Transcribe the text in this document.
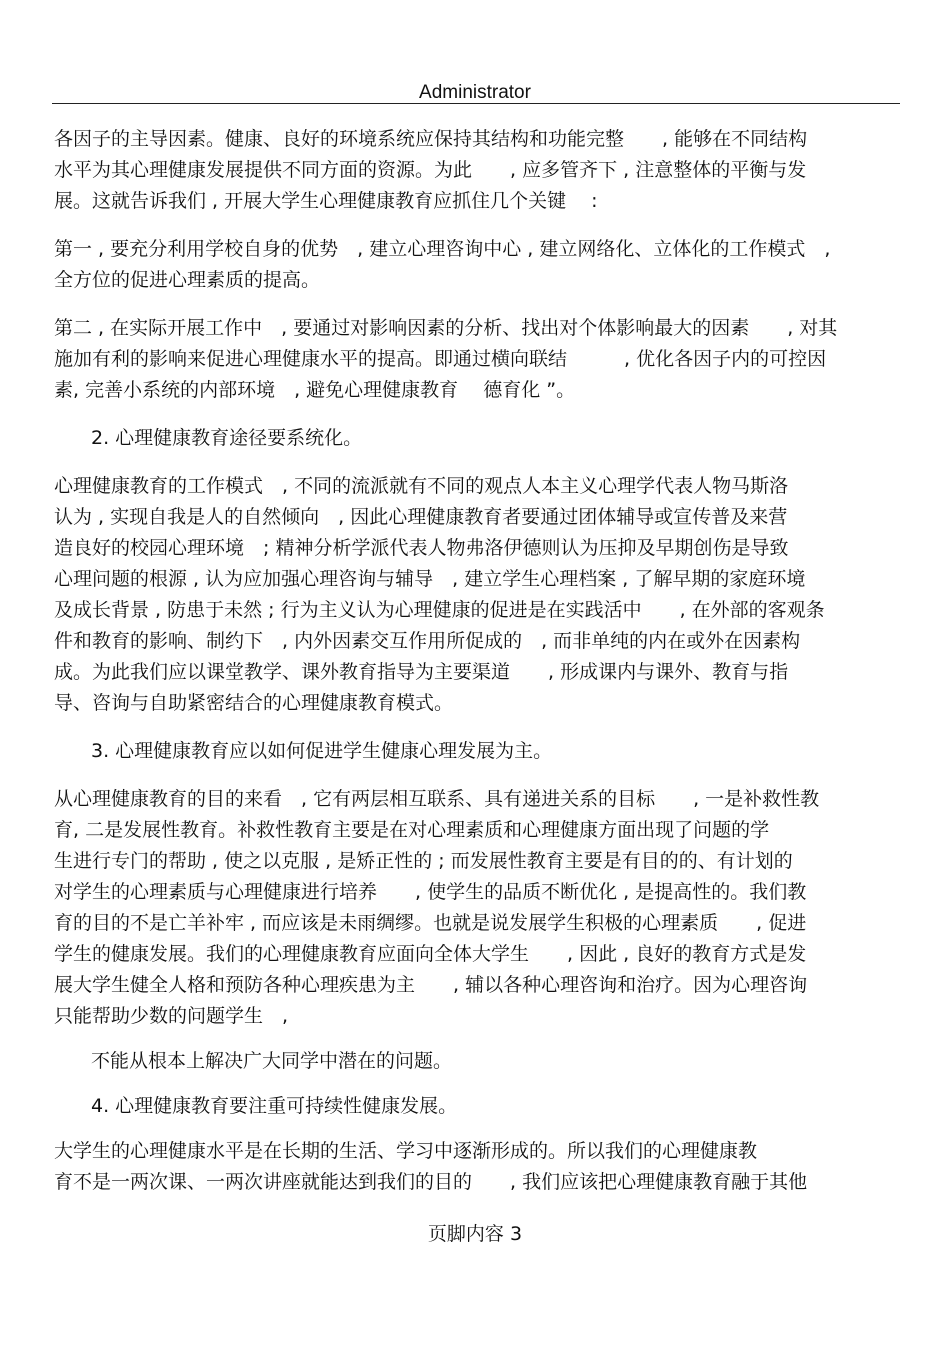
Administrator

各因子的主导因素。健康、良好的环境系统应保持其结构和功能完整　　, 能够在不同结构
水平为其心理健康发展提供不同方面的资源。为此　　, 应多管齐下 , 注意整体的平衡与发
展。这就告诉我们 , 开展大学生心理健康教育应抓住几个关键　 :

第一 , 要充分利用学校自身的优势　, 建立心理咨询中心 , 建立网络化、立体化的工作模式　,
全方位的促进心理素质的提高。

第二 , 在实际开展工作中　, 要通过对影响因素的分析、找出对个体影响最大的因素　　, 对其
施加有利的影响来促进心理健康水平的提高。即通过横向联结　　　, 优化各因子内的可控因
素, 完善小系统的内部环境　, 避免心理健康教育　 德育化 ”。

2. 心理健康教育途径要系统化。

心理健康教育的工作模式　, 不同的流派就有不同的观点人本主义心理学代表人物马斯洛
认为 , 实现自我是人的自然倾向　, 因此心理健康教育者要通过团体辅导或宣传普及来营
造良好的校园心理环境　; 精神分析学派代表人物弗洛伊德则认为压抑及早期创伤是导致
心理问题的根源 , 认为应加强心理咨询与辅导　, 建立学生心理档案 , 了解早期的家庭环境
及成长背景 , 防患于未然 ; 行为主义认为心理健康的促进是在实践活中　　, 在外部的客观条
件和教育的影响、制约下　, 内外因素交互作用所促成的　, 而非单纯的内在或外在因素构
成。为此我们应以课堂教学、课外教育指导为主要渠道　　, 形成课内与课外、教育与指
导、咨询与自助紧密结合的心理健康教育模式。

3. 心理健康教育应以如何促进学生健康心理发展为主。

从心理健康教育的目的来看　, 它有两层相互联系、具有递进关系的目标　　, 一是补救性教
育, 二是发展性教育。补救性教育主要是在对心理素质和心理健康方面出现了问题的学
生进行专门的帮助 , 使之以克服 , 是矫正性的 ; 而发展性教育主要是有目的的、有计划的
对学生的心理素质与心理健康进行培养　　, 使学生的品质不断优化 , 是提高性的。我们教
育的目的不是亡羊补牢 , 而应该是未雨绸缪。也就是说发展学生积极的心理素质　　, 促进
学生的健康发展。我们的心理健康教育应面向全体大学生　　, 因此 , 良好的教育方式是发
展大学生健全人格和预防各种心理疾患为主　　, 辅以各种心理咨询和治疗。因为心理咨询
只能帮助少数的问题学生　,

不能从根本上解决广大同学中潜在的问题。

4. 心理健康教育要注重可持续性健康发展。

大学生的心理健康水平是在长期的生活、学习中逐渐形成的。所以我们的心理健康教
育不是一两次课、一两次讲座就能达到我们的目的　　, 我们应该把心理健康教育融于其他

页脚内容 3
